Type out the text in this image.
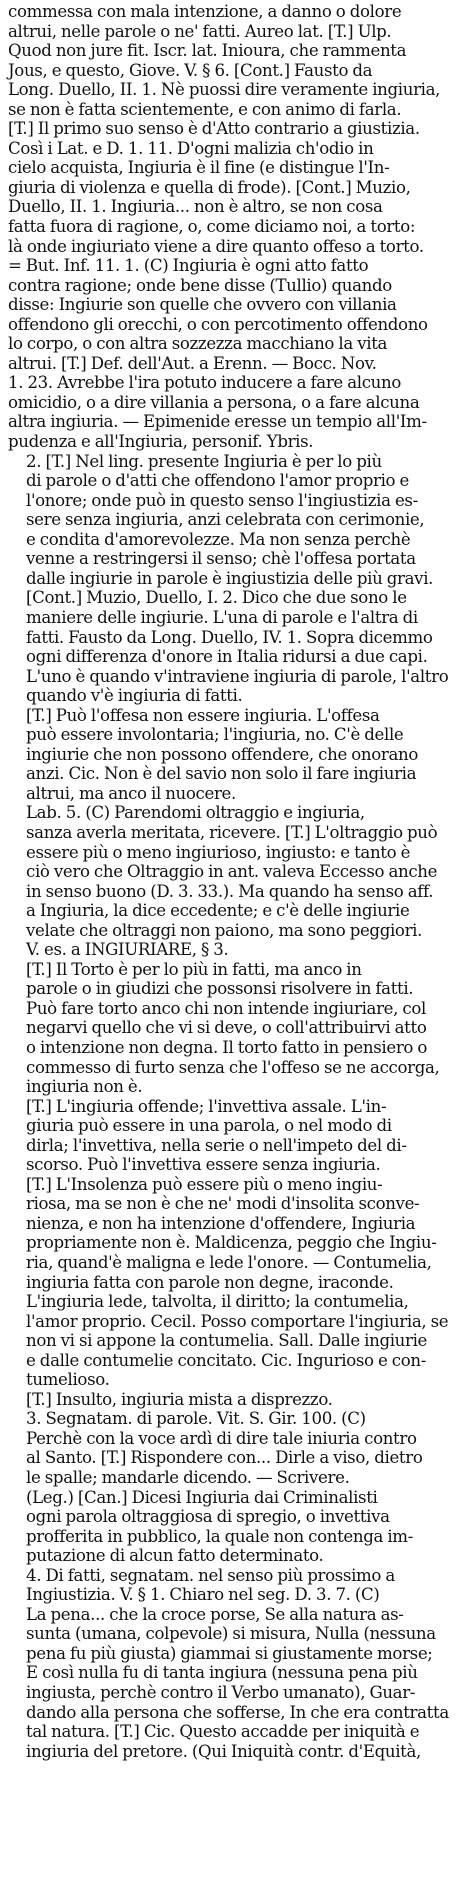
commessa con mala intenzione, a danno o dolore
altrui, nelle parole o ne' fatti. Aureo lat. [T.] Ulp.
Quod non jure fit. Iscr. lat. Inioura, che rammenta
Jous, e questo, Giove. V. § 6. [Cont.] Fausto da
Long. Duello, II. 1. Nè puossi dire veramente ingiuria,
se non è fatta scientemente, e con animo di farla.
[T.] Il primo suo senso è d'Atto contrario a giustizia.
Così i Lat. e D. 1. 11. D'ogni malizia ch'odio in
cielo acquista, Ingiuria è il fine (e distingue l'In-
giuria di violenza e quella di frode). [Cont.] Muzio,
Duello, II. 1. Ingiuria... non è altro, se non cosa
fatta fuora di ragione, o, come diciamo noi, a torto:
là onde ingiuriato viene a dire quanto offeso a torto.
= But. Inf. 11. 1. (C) Ingiuria è ogni atto fatto
contra ragione; onde bene disse (Tullio) quando
disse: Ingiurie son quelle che ovvero con villania
offendono gli orecchi, o con percotimento offendono
lo corpo, o con altra sozzezza macchiano la vita
altrui. [T.] Def. dell'Aut. a Erenn. — Bocc. Nov.
1. 23. Avrebbe l'ira potuto inducere a fare alcuno
omicidio, o a dire villania a persona, o a fare alcuna
altra ingiuria. — Epimenide eresse un tempio all'Im-
pudenza e all'Ingiuria, personif. Ybris.
2. [T.] Nel ling. presente Ingiuria è per lo più
di parole o d'atti che offendono l'amor proprio e
l'onore; onde può in questo senso l'ingiustizia es-
sere senza ingiuria, anzi celebrata con cerimonie,
e condita d'amorevolezze. Ma non senza perchè
venne a restringersi il senso; chè l'offesa portata
dalle ingiurie in parole è ingiustizia delle più gravi.
[Cont.] Muzio, Duello, I. 2. Dico che due sono le
maniere delle ingiurie. L'una di parole e l'altra di
fatti. Fausto da Long. Duello, IV. 1. Sopra dicemmo
ogni differenza d'onore in Italia ridursi a due capi.
L'uno è quando v'intraviene ingiuria di parole, l'altro
quando v'è ingiuria di fatti.
[T.] Può l'offesa non essere ingiuria. L'offesa
può essere involontaria; l'ingiuria, no. C'è delle
ingiurie che non possono offendere, che onorano
anzi. Cic. Non è del savio non solo il fare ingiuria
altrui, ma anco il nuocere.
Lab. 5. (C) Parendomi oltraggio e ingiuria,
sanza averla meritata, ricevere. [T.] L'oltraggio può
essere più o meno ingiurioso, ingiusto: e tanto è
ciò vero che Oltraggio in ant. valeva Eccesso anche
in senso buono (D. 3. 33.). Ma quando ha senso aff.
a Ingiuria, la dice eccedente; e c'è delle ingiurie
velate che oltraggi non paiono, ma sono peggiori.
V. es. a INGIURIARE, § 3.
[T.] Il Torto è per lo più in fatti, ma anco in
parole o in giudizi che possonsi risolvere in fatti.
Può fare torto anco chi non intende ingiuriare, col
negarvi quello che vi si deve, o coll'attribuirvi atto
o intenzione non degna. Il torto fatto in pensiero o
commesso di furto senza che l'offeso se ne accorga,
ingiuria non è.
[T.] L'ingiuria offende; l'invettiva assale. L'in-
giuria può essere in una parola, o nel modo di
dirla; l'invettiva, nella serie o nell'impeto del di-
scorso. Può l'invettiva essere senza ingiuria.
[T.] L'Insolenza può essere più o meno ingiu-
riosa, ma se non è che ne' modi d'insolita sconve-
nienza, e non ha intenzione d'offendere, Ingiuria
propriamente non è. Maldicenza, peggio che Ingiu-
ria, quand'è maligna e lede l'onore. — Contumelia,
ingiuria fatta con parole non degne, iraconde.
L'ingiuria lede, talvolta, il diritto; la contumelia,
l'amor proprio. Cecil. Posso comportare l'ingiuria, se
non vi si appone la contumelia. Sall. Dalle ingiurie
e dalle contumelie concitato. Cic. Ingurioso e con-
tumelioso.
[T.] Insulto, ingiuria mista a disprezzo.
3. Segnatam. di parole. Vit. S. Gir. 100. (C)
Perchè con la voce ardì di dire tale iniuria contro
al Santo. [T.] Rispondere con... Dirle a viso, dietro
le spalle; mandarle dicendo. — Scrivere.
(Leg.) [Can.] Dicesi Ingiuria dai Criminalisti
ogni parola oltraggiosa di spregio, o invettiva
profferita in pubblico, la quale non contenga im-
putazione di alcun fatto determinato.
4. Di fatti, segnatam. nel senso più prossimo a
Ingiustizia. V. § 1. Chiaro nel seg. D. 3. 7. (C)
La pena... che la croce porse, Se alla natura as-
sunta (umana, colpevole) si misura, Nulla (nessuna
pena fu più giusta) giammai si giustamente morse;
E così nulla fu di tanta ingiura (nessuna pena più
ingiusta, perchè contro il Verbo umanato), Guar-
dando alla persona che sofferse, In che era contratta
tal natura. [T.] Cic. Questo accadde per iniquità e
ingiuria del pretore. (Qui Iniquità contr. d'Equità,
